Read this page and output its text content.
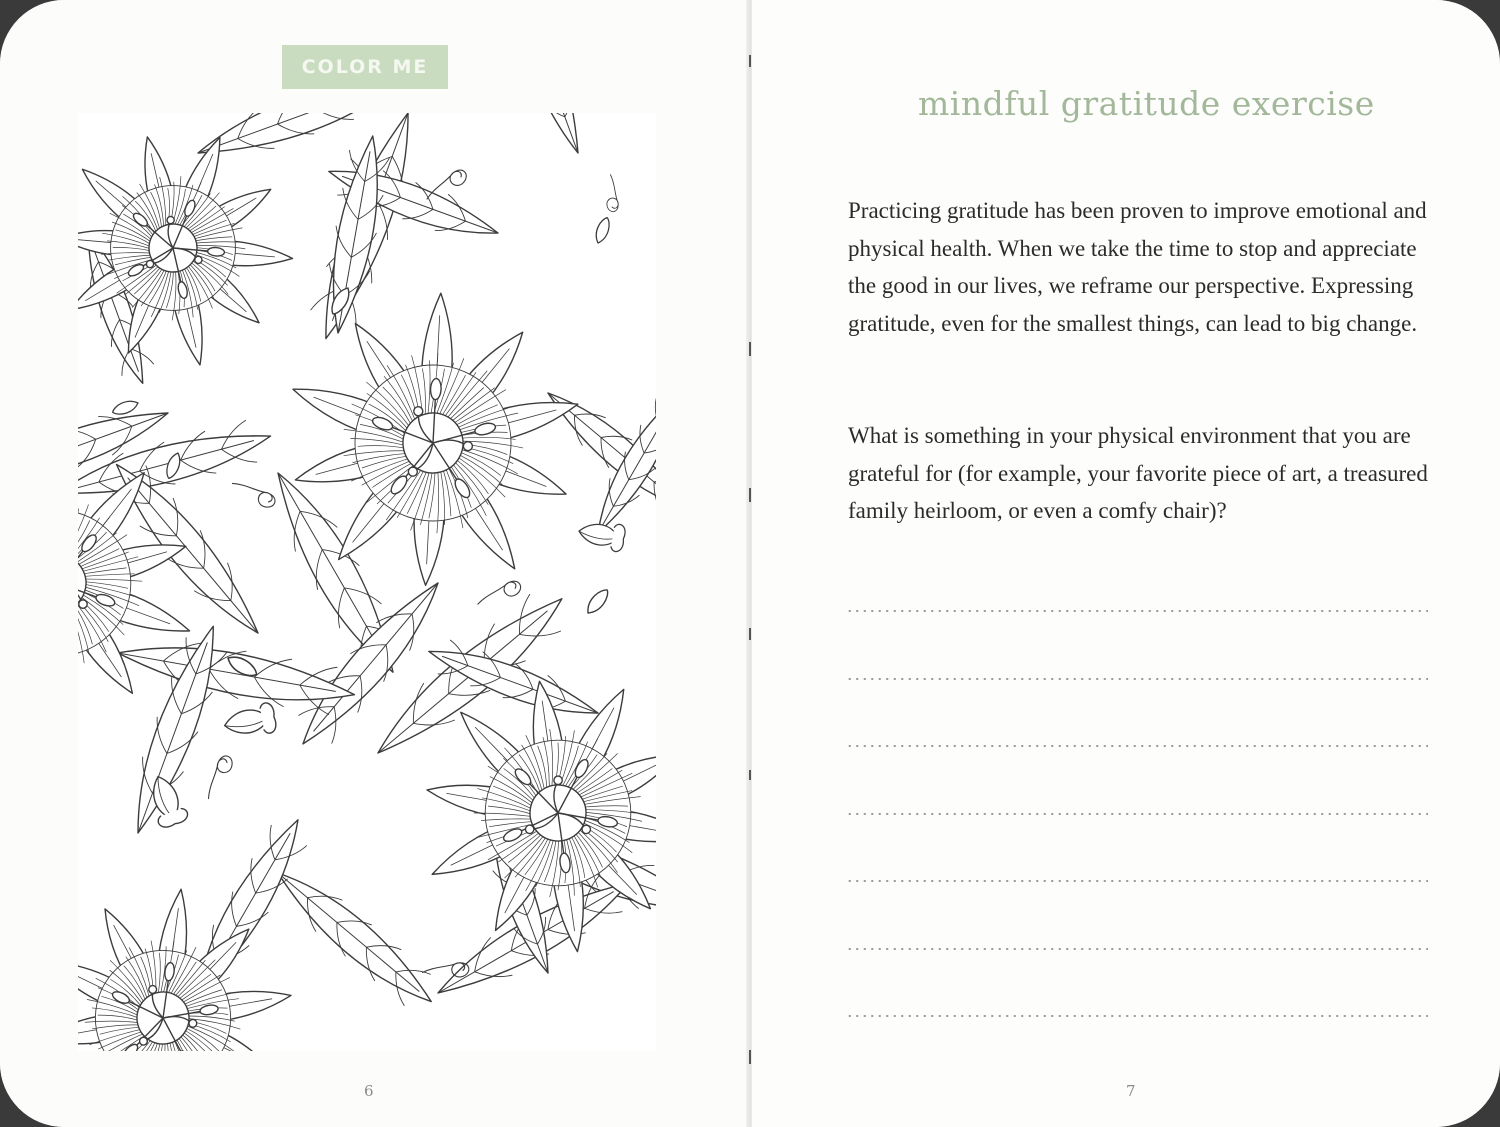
COLOR ME
6
mindful gratitude exercise
Practicing gratitude has been proven to improve emotional and physical health. When we take the time to stop and appreciate the good in our lives, we reframe our perspective. Expressing gratitude, even for the smallest things, can lead to big change.
What is something in your physical environment that you are grateful for (for example, your favorite piece of art, a treasured family heirloom, or even a comfy chair)?
7
